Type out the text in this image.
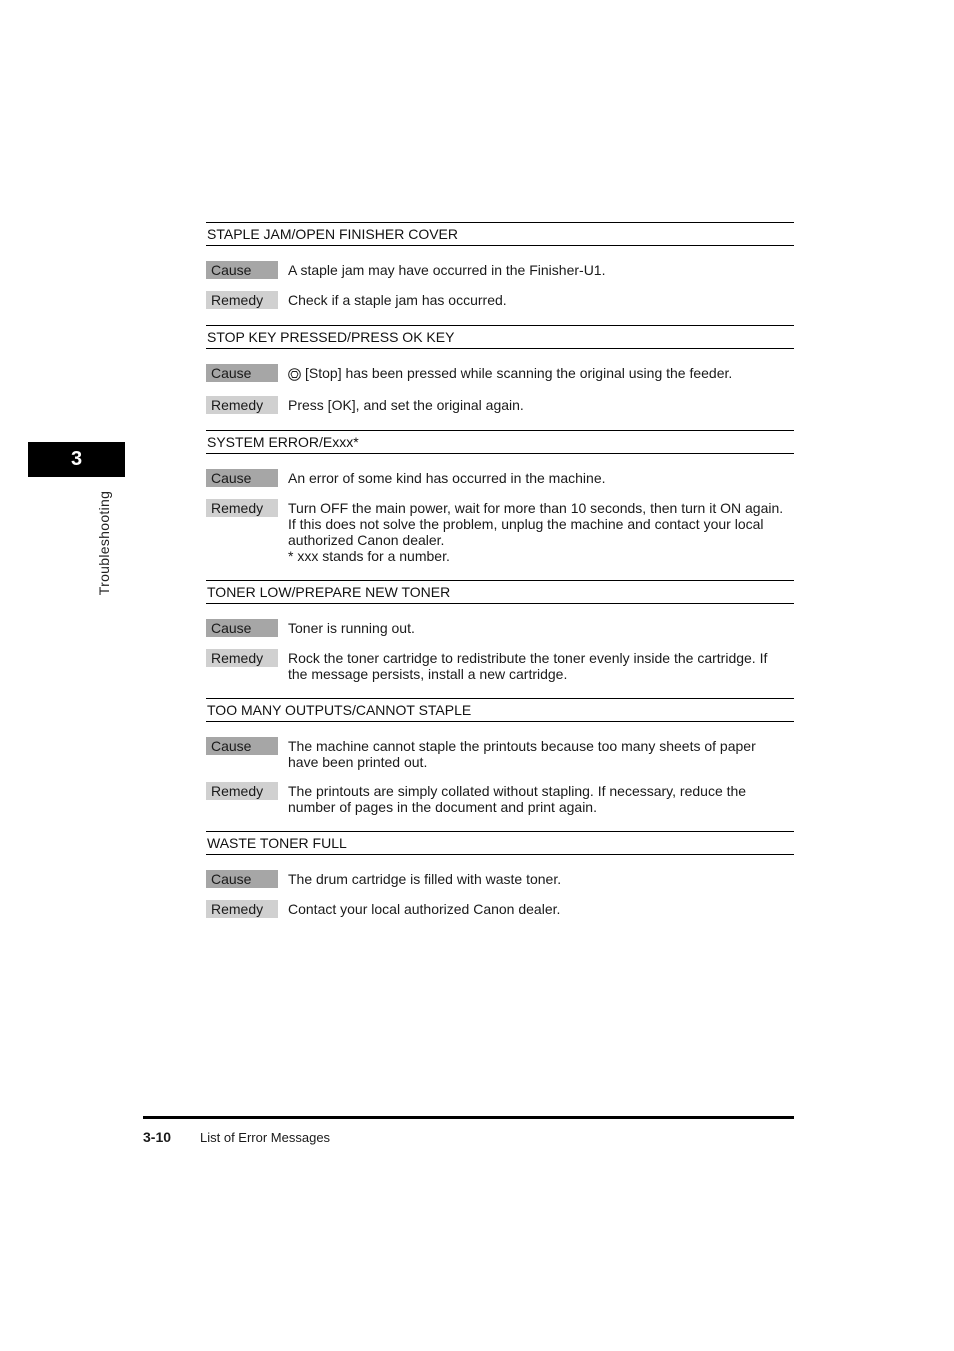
3
Troubleshooting
STAPLE JAM/OPEN FINISHER COVER
Cause	A staple jam may have occurred in the Finisher-U1.
Remedy	Check if a staple jam has occurred.
STOP KEY PRESSED/PRESS OK KEY
Cause	[Stop] has been pressed while scanning the original using the feeder.
Remedy	Press [OK], and set the original again.
SYSTEM ERROR/Exxx*
Cause	An error of some kind has occurred in the machine.
Remedy	Turn OFF the main power, wait for more than 10 seconds, then turn it ON again.
If this does not solve the problem, unplug the machine and contact your local
authorized Canon dealer.
* xxx stands for a number.
TONER LOW/PREPARE NEW TONER
Cause	Toner is running out.
Remedy	Rock the toner cartridge to redistribute the toner evenly inside the cartridge. If
the message persists, install a new cartridge.
TOO MANY OUTPUTS/CANNOT STAPLE
Cause	The machine cannot staple the printouts because too many sheets of paper
have been printed out.
Remedy	The printouts are simply collated without stapling. If necessary, reduce the
number of pages in the document and print again.
WASTE TONER FULL
Cause	The drum cartridge is filled with waste toner.
Remedy	Contact your local authorized Canon dealer.
3-10 List of Error Messages
